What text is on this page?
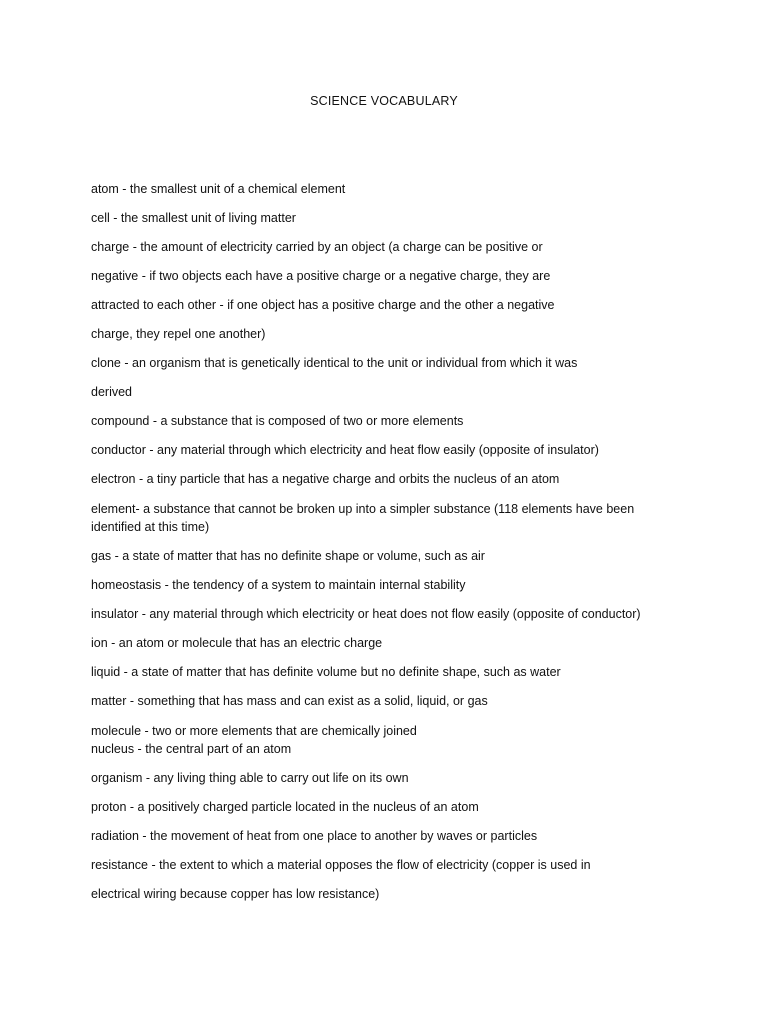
SCIENCE VOCABULARY
atom - the smallest unit of a chemical element
cell - the smallest unit of living matter
charge - the amount of electricity carried by an object (a charge can be positive or
negative - if two objects each have a positive charge or a negative charge, they are
attracted to each other - if one object has a positive charge and the other a negative
charge, they repel one another)
clone - an organism that is genetically identical to the unit or individual from which it was
derived
compound - a substance that is composed of two or more elements
conductor - any material through which electricity and heat flow easily (opposite of insulator)
electron - a tiny particle that has a negative charge and orbits the nucleus of an atom
element- a substance that cannot be broken up into a simpler substance (118 elements have been
identified at this time)
gas - a state of matter that has no definite shape or volume, such as air
homeostasis - the tendency of a system to maintain internal stability
insulator - any material through which electricity or heat does not flow easily (opposite of conductor)
ion - an atom or molecule that has an electric charge
liquid - a state of matter that has definite volume but no definite shape, such as water
matter - something that has mass and can exist as a solid, liquid, or gas
molecule - two or more elements that are chemically joined
nucleus - the central part of an atom
organism - any living thing able to carry out life on its own
proton - a positively charged particle located in the nucleus of an atom
radiation - the movement of heat from one place to another by waves or particles
resistance - the extent to which a material opposes the flow of electricity (copper is used in
electrical wiring because copper has low resistance)
